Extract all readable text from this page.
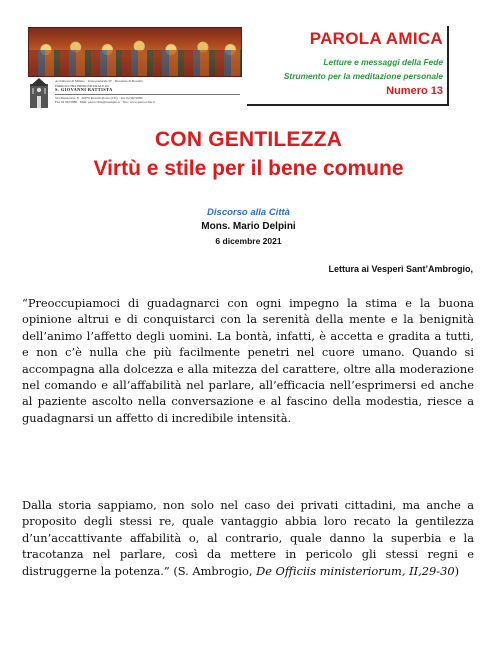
Arcidiocesi di Milano · Zona pastorale IV · Decanato di Rovello
PARROCCHIA PREPOSITURALE DI
S. GIOVANNI BATTISTA
Via Manzoni n. 8 · 20070 Rovello Porro (CO) · Tel. 02 9672080
Fax 02 9672080 · Mail: parrocchia@example.it · Sito: www.parrocchia.it
PAROLA AMICA
Letture e messaggi della Fede
Strumento per la meditazione personale
Numero 13
CON GENTILEZZA
Virtù e stile per il bene comune
Discorso alla Città
Mons. Mario Delpini
6 dicembre 2021
Lettura ai Vesperi Sant’Ambrogio,

“Preoccupiamoci di guadagnarci con ogni impegno la stima e la buona opinione altrui e di conquistarci con la serenità della mente e la benignità dell’animo l’affetto degli uomini. La bontà, infatti, è accetta e gradita a tutti, e non c’è nulla che più facilmente penetri nel cuore umano. Quando si accompagna alla dolcezza e alla mitezza del carattere, oltre alla moderazione nel comando e all’affabilità nel parlare, all’efficacia nell’esprimersi ed anche al paziente ascolto nella conversazione e al fascino della modestia, riesce a guadagnarsi un affetto di incredibile intensità.

Dalla storia sappiamo, non solo nel caso dei privati cittadini, ma anche a proposito degli stessi re, quale vantaggio abbia loro recato la gentilezza d’un’accattivante affabilità o, al contrario, quale danno la superbia e la tracotanza nel parlare, così da mettere in pericolo gli stessi regni e distruggerne la potenza.” (S. Ambrogio, De Officiis ministeriorum, II,29-30)
